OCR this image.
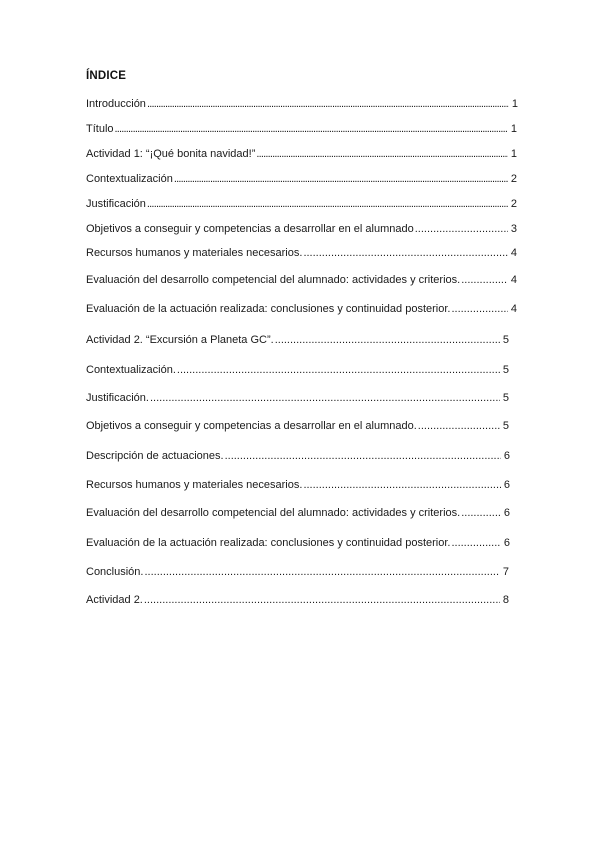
ÍNDICE
Introducción .....	1
Título .....	1
Actividad 1: “¡Qué bonita navidad!” .....	1
Contextualización .....	2
Justificación .....	2
Objetivos a conseguir y competencias a desarrollar en el alumnado .....	3
Recursos humanos y materiales necesarios. .....	4
Evaluación del desarrollo competencial del alumnado: actividades y criterios. .....	4
Evaluación de la actuación realizada: conclusiones y continuidad posterior. .....	4
Actividad 2. “Excursión a Planeta GC”. .....	5
Contextualización. .....	5
Justificación. .....	5
Objetivos a conseguir y competencias a desarrollar en el alumnado. .....	5
Descripción de actuaciones. .....	6
Recursos humanos y materiales necesarios. .....	6
Evaluación del desarrollo competencial del alumnado: actividades y criterios. .....	6
Evaluación de la actuación realizada: conclusiones y continuidad posterior. .....	6
Conclusión. .....	7
Actividad 2. .....	8
